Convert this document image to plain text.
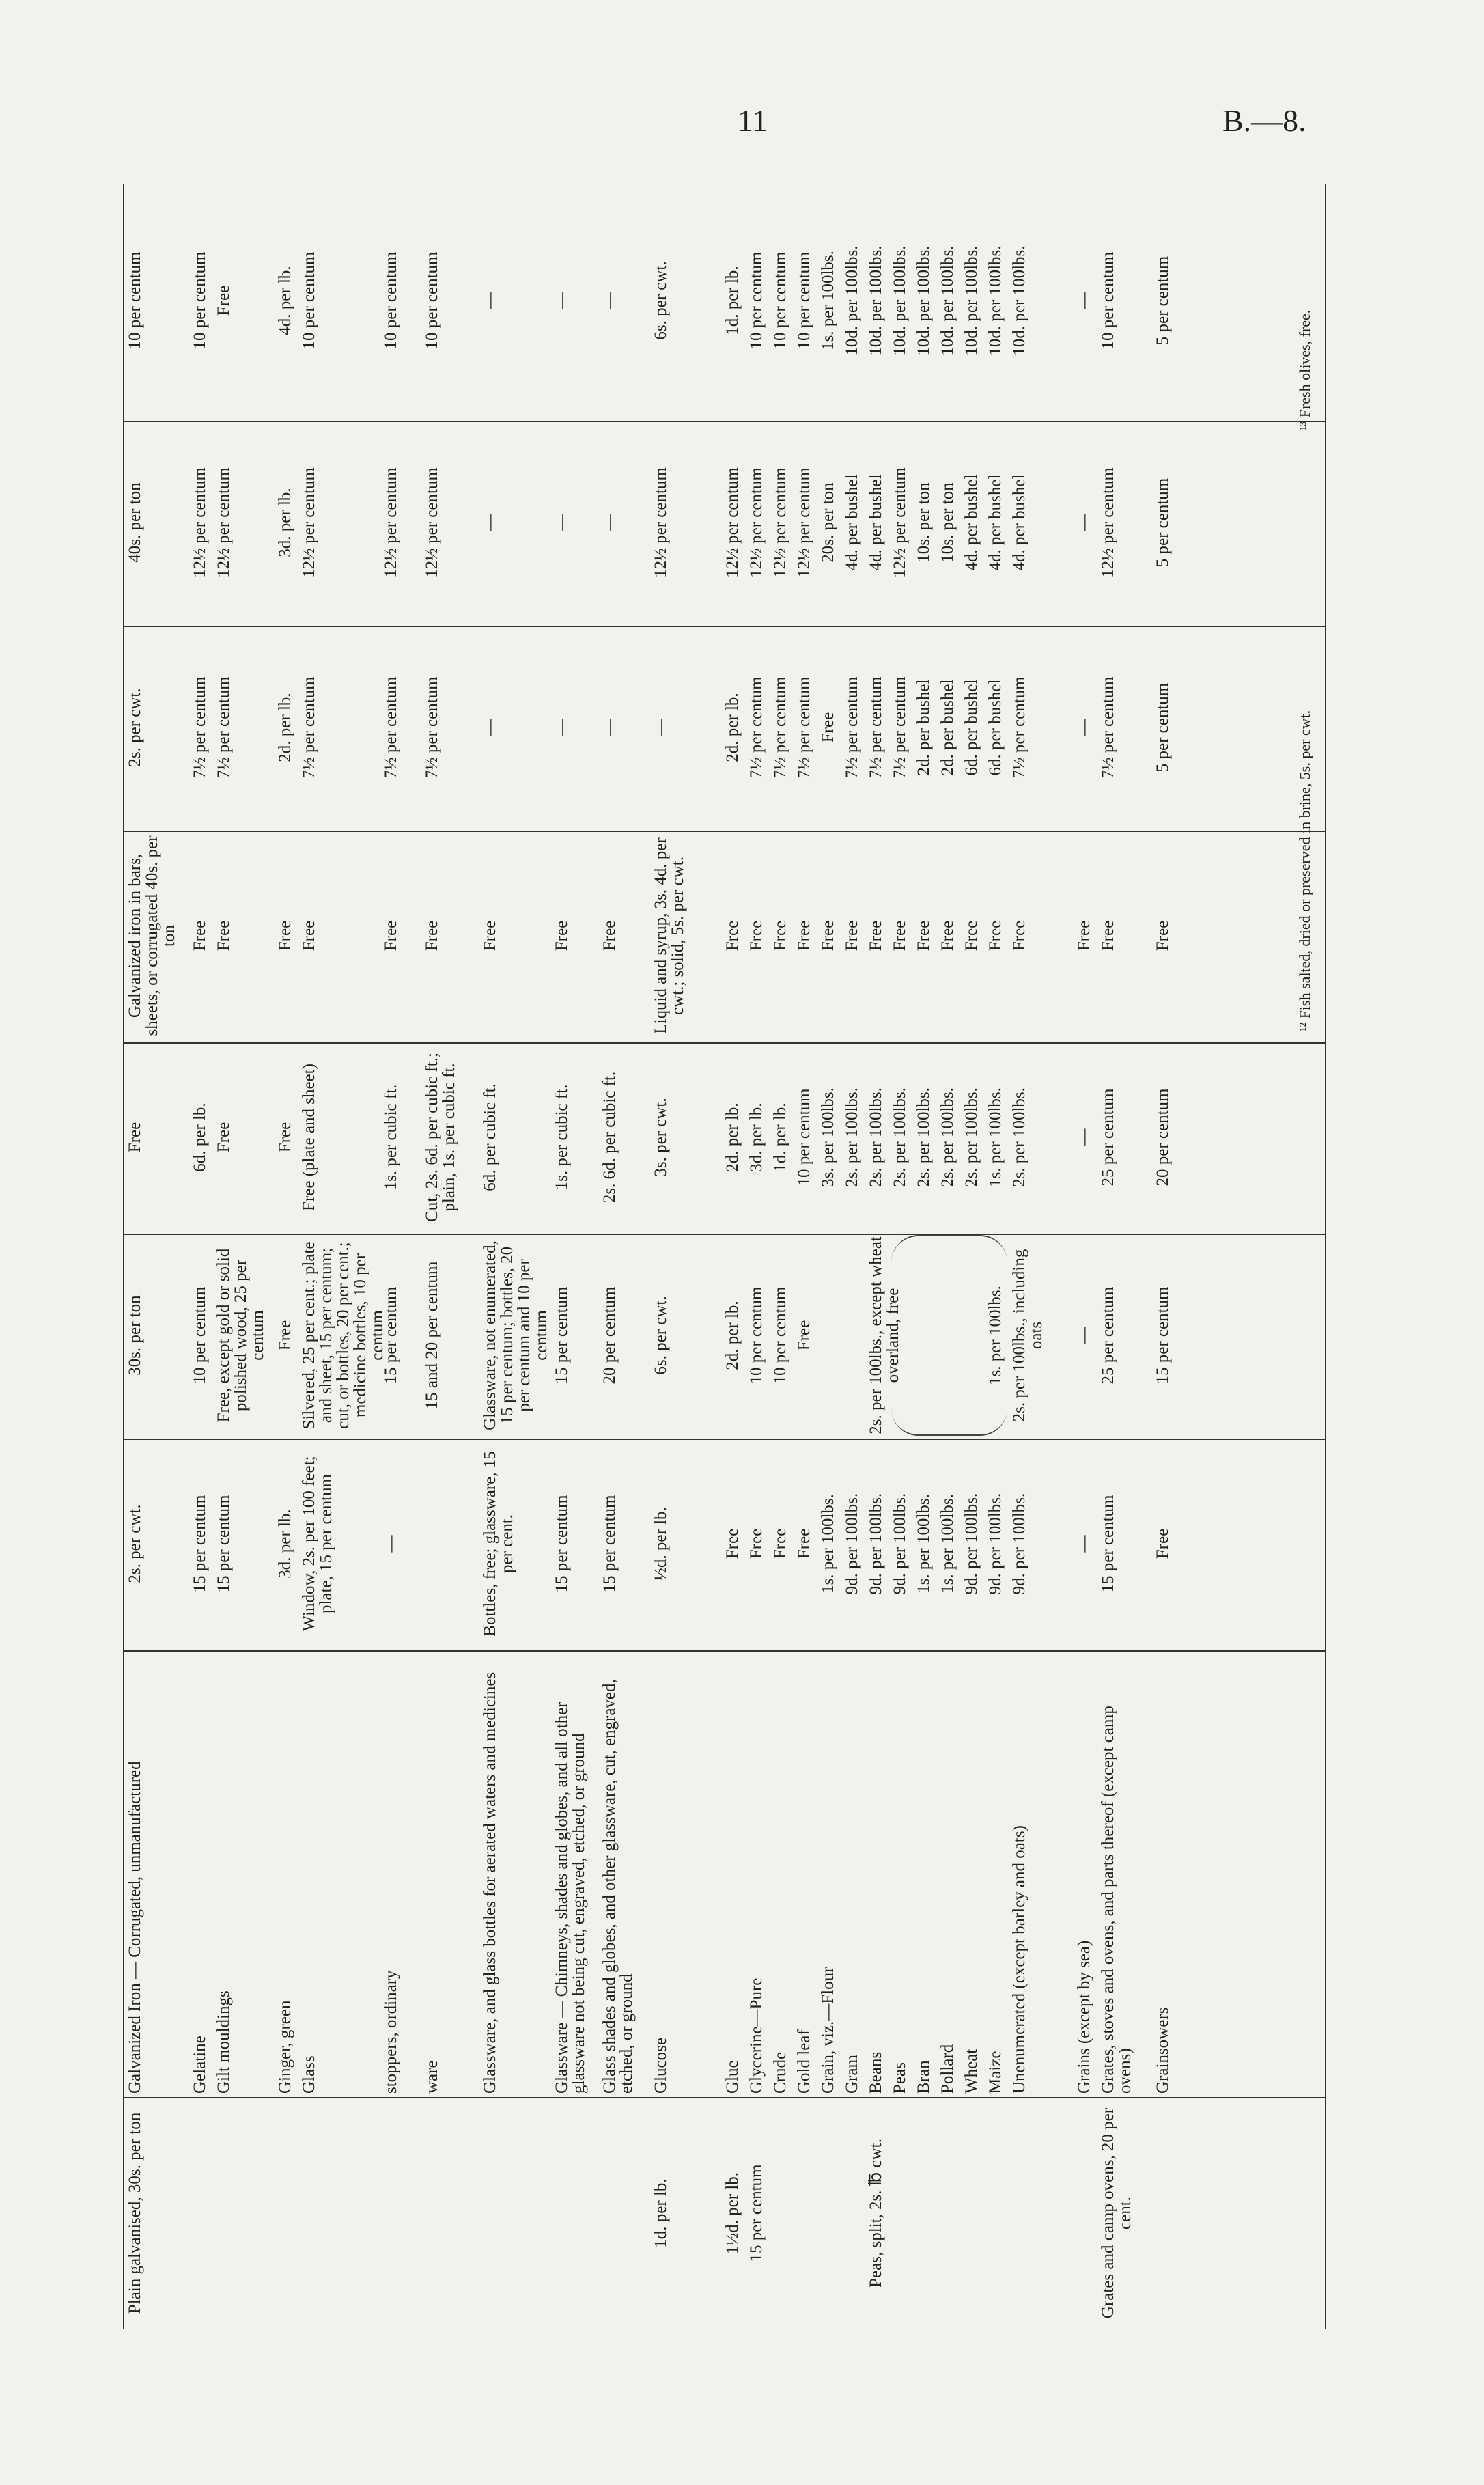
11	B.—8.
Plain galvanised, 30s. per ton
Galvanized Iron — Corrugated, unmanufactured
2s. per cwt.
30s. per ton
Free
Galvanized iron in bars, sheets, or corrugated 40s. per ton
2s. per cwt.
40s. per ton
10 per centum
Gelatine
15 per centum
10 per centum
6d. per lb.
Free
7½ per centum
12½ per centum
10 per centum
Gilt mouldings
15 per centum
Free, except gold or solid polished wood, 25 per centum
Free
Free
7½ per centum
12½ per centum
Free
Ginger, green
3d. per lb.
Free
Free
Free
2d. per lb.
3d. per lb.
4d. per lb.
Glass
Window, 2s. per 100 feet; plate, 15 per centum
Silvered, 25 per cent.; plate and sheet, 15 per centum; cut, or bottles, 20 per cent.; medicine bottles, 10 per centum
Free (plate and sheet)
Free
7½ per centum
12½ per centum
10 per centum
stoppers, ordinary
—
15 per centum
1s. per cubic ft.
Free
7½ per centum
12½ per centum
10 per centum
ware
15 and 20 per centum
Cut, 2s. 6d. per cubic ft.; plain, 1s. per cubic ft.
Free
7½ per centum
12½ per centum
10 per centum
Glassware, and glass bottles for aerated waters and medicines
Bottles, free; glassware, 15 per cent.
Glassware, not enumerated, 15 per centum; bottles, 20 per centum and 10 per centum
6d. per cubic ft.
Free
—
—
—
Glassware — Chimneys, shades and globes, and all other glassware not being cut, engraved, etched, or ground
15 per centum
15 per centum
1s. per cubic ft.
Free
—
—
—
Glass shades and globes, and other glassware, cut, engraved, etched, or ground
15 per centum
20 per centum
2s. 6d. per cubic ft.
Free
—
—
—
1d. per lb.
Glucose
½d. per lb.
6s. per cwt.
3s. per cwt.
Liquid and syrup, 3s. 4d. per cwt.; solid, 5s. per cwt.
—
12½ per centum
6s. per cwt.
1½d. per lb.
Glue
Free
2d. per lb.
2d. per lb.
Free
2d. per lb.
12½ per centum
1d. per lb.
15 per centum
Glycerine—Pure
Free
10 per centum
3d. per lb.
Free
7½ per centum
12½ per centum
10 per centum
Crude
Free
10 per centum
1d. per lb.
Free
7½ per centum
12½ per centum
10 per centum
Gold leaf
Free
Free
10 per centum
Free
7½ per centum
12½ per centum
10 per centum
Grain, viz.—Flour
1s. per 100lbs.
3s. per 100lbs.
Free
Free
20s. per ton
1s. per 100lbs.
Gram
9d. per 100lbs.
2s. per 100lbs.
Free
7½ per centum
4d. per bushel
10d. per 100lbs.
Peas, split, 2s. ℔ cwt.
Beans
9d. per 100lbs.
2s. per 100lbs., except wheat overland, free
2s. per 100lbs.
Free
7½ per centum
4d. per bushel
10d. per 100lbs.
Peas
9d. per 100lbs.
2s. per 100lbs.
Free
7½ per centum
12½ per centum
10d. per 100lbs.
Bran
1s. per 100lbs.
2s. per 100lbs.
Free
2d. per bushel
10s. per ton
10d. per 100lbs.
Pollard
1s. per 100lbs.
2s. per 100lbs.
Free
2d. per bushel
10s. per ton
10d. per 100lbs.
Wheat
9d. per 100lbs.
2s. per 100lbs.
Free
6d. per bushel
4d. per bushel
10d. per 100lbs.
Maize
9d. per 100lbs.
1s. per 100lbs.
1s. per 100lbs.
Free
6d. per bushel
4d. per bushel
10d. per 100lbs.
Unenumerated (except barley and oats)
9d. per 100lbs.
2s. per 100lbs., including oats
2s. per 100lbs.
Free
7½ per centum
4d. per bushel
10d. per 100lbs.
Grains (except by sea)
—
—
—
Free
—
—
—
Grates and camp ovens, 20 per cent.
Grates, stoves and ovens, and parts thereof (except camp ovens)
15 per centum
25 per centum
25 per centum
Free
7½ per centum
12½ per centum
10 per centum
Grainsowers
Free
15 per centum
20 per centum
Free
5 per centum
5 per centum
5 per centum
¹² Fish salted, dried or preserved in brine, 5s. per cwt.
¹³ Fresh olives, free.
